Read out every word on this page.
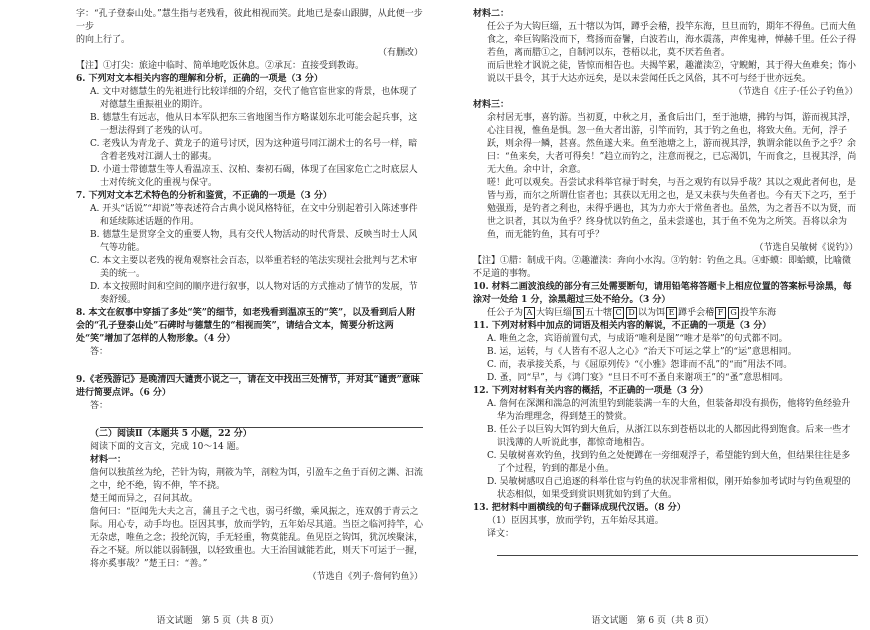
字：“孔子登泰山处。”慧生指与老残看，彼此相视而笑。此地已是泰山跟脚，从此便一步一步

的向上行了。

（有删改）

【注】①打尖：旅途中临时、简单地吃饭休息。②承瓦：直接受到教诲。

6. 下列对文本相关内容的理解和分析，正确的一项是（3 分）

A. 文中对德慧生的先祖进行比较详细的介绍，交代了他官宦世家的背景，也体现了对德慧生重振祖业的期许。

B. 德慧生有远志，他从日本军队把东三省地图当作方略谋划东北可能会起兵事，这一想法得到了老残的认可。

C. 老残认为青龙子、黄龙子的道号讨厌，因为这种道号同江湖术士的名号一样，暗含着老残对江湖人士的鄙夷。

D. 小道士带德慧生等人看温凉玉、汉柏、秦初石碣，体现了在国家危亡之时底层人士对传统文化的重视与保守。

7. 下列对文本艺术特色的分析和鉴赏，不正确的一项是（3 分）

A. 开头“话说”“却说”等表述符合古典小说风格特征，在文中分别起着引入陈述事件和延续陈述话题的作用。

B. 德慧生是贯穿全文的重要人物，具有交代人物活动的时代背景、反映当时士人风气等功能。

C. 本文主要以老残的视角观察社会百态，以举重若轻的笔法实现社会批判与艺术审美的统一。

D. 本文按照时间和空间的顺序进行叙事，以人物对话的方式推动了情节的发展，节奏舒缓。

8. 本文在叙事中穿插了多处“笑”的细节，如老残看到温凉玉的“笑”，以及看到后人附会的“孔子登泰山处”石碑时与德慧生的“相视而笑”，请结合文本，简要分析这两处“笑”增加了怎样的人物形象。（4 分）

答：

9.《老残游记》是晚清四大谴责小说之一，请在文中找出三处情节，并对其“谴责”意味进行简要点评。（6 分）

答：

（二）阅读Ⅱ（本题共 5 小题，22 分）

阅读下面的文言文，完成 10～14 题。

材料一：

詹何以独茧丝为纶，芒针为钩，荆筱为竿，剖粒为饵，引盈车之鱼于百仞之渊、汩流之中，纶不绝，钩不伸，竿不挠。

楚王闻而异之，召问其故。

詹何曰：“臣闻先大夫之言，蒲且子之弋也，弱弓纤缴，乘风振之，连双鸧于青云之际。用心专，动手均也。臣因其事，放而学钓，五年始尽其道。当臣之临河持竿，心无杂虑，唯鱼之念；投纶沉钩，手无轻重，物莫能乱。鱼见臣之钩饵，犹沉埃聚沫，吞之不疑。所以能以弱制强，以轻致重也。大王治国诚能若此，则天下可运于一握，将亦奚事哉？”楚王曰：“善。”

（节选自《列子·詹何钓鱼》）

语文试题　第 5 页（共 8 页）

材料二：

任公子为大钩巨缁，五十犗以为饵，蹲乎会稽，投竿东海，旦旦而钓，期年不得鱼。已而大鱼食之，牵巨钩陷没而下，骛扬而奋鬐，白波若山，海水震荡，声侔鬼神，惮赫千里。任公子得若鱼，离而腊①之，自制河以东，苍梧以北，莫不厌若鱼者。

而后世辁才讽说之徒，皆惊而相告也。夫揭竿累，趣灌渎②，守鲵鲋，其于得大鱼难矣；饰小说以干县令，其于大达亦远矣，是以未尝闻任氏之风俗，其不可与经于世亦远矣。

（节选自《庄子·任公子钓鱼》）

材料三：

余村居无事，喜钓游。当初夏，中秋之月，蚤食后出门，至于池塘，拂钓与饵，游而视其浮，心注目视，惟鱼是惧。忽一鱼大者出游，引竿而钓，其于钓之鱼也，将致大鱼。无何，浮子跃，则余得一鳞，甚喜。然鱼遂大来。鱼至池塘之上，游而视其浮，孰谓余能以鱼予之乎？余曰：“鱼来矣，大者可得矣！”趋立而钓之，注意而视之，已忘渴饥，午而食之，旦视其浮，尚无大鱼。余中计，余意。

嗟！此可以观矣。吾尝试求科举官禄于时矣，与吾之观钓有以异乎哉？其以之观此者何也，是皆与焉，而尔之所谓仕宦者也；其获以无用之也，是又未获与失鱼者也。今有天下之巧，至于勉强焉，是钓者之利也，未得乎遇也，其为力亦大于常鱼者也。虽然，为之者吾不以为贤，而世之识者，其以为鱼乎？终身忧以钓鱼之，虽未尝遂也，其于鱼不免为之所笑。吾将以余为鱼，而无能钓鱼，其有可乎？

（节选自吴敏树《说钓》）

【注】①腊：制成干肉。②趣灌渎：奔向小水沟。③钓射：钓鱼之具。④虾蟆：即蛤蟆，比喻微不足道的事物。

10. 材料二画波浪线的部分有三处需要断句，请用铅笔将答题卡上相应位置的答案标号涂黑，每涂对一处给 1 分，涂黑超过三处不给分。（3 分）

任公子为 A 大钩巨缁 B 五十犗 C D 以为饵 E 蹲乎会稽 F G 投竿东海

11. 下列对材料中加点的词语及相关内容的解说，不正确的一项是（3 分）

A. 唯鱼之念，宾语前置句式，与成语“唯利是图”“唯才是举”的句式都不同。

B. 运，运转，与《人皆有不忍人之心》“治天下可运之掌上”的“运”意思相同。

C. 而，表承接关系，与《屈原列传》“《小雅》怨诽而不乱”的“而”用法不同。

D. 蚤，同“早”，与《鸿门宴》“旦日不可不蚤自来谢项王”的“蚤”意思相同。

12. 下列对材料有关内容的概括，不正确的一项是（3 分）

A. 詹何在深渊和湍急的河流里钓到能装满一车的大鱼，但装备却没有损伤，他将钓鱼经验升华为治理理念，得到楚王的赞赏。

B. 任公子以巨钩大饵钓到大鱼后，从浙江以东到苍梧以北的人都因此得到饱食。后来一些才识浅薄的人听说此事，都惊奇地相告。

C. 吴敏树喜欢钓鱼，找到钓鱼之处便蹲在一旁细观浮子，希望能钓到大鱼，但结果往往是多了个过程，钓到的都是小鱼。

D. 吴敏树感叹自己追逐的科举仕宦与钓鱼的状况非常相似，刚开始参加考试时与钓鱼观望的状态相似，如果受到赏识则犹如钓到了大鱼。

13. 把材料中画横线的句子翻译成现代汉语。（8 分）

（1）臣因其事，放而学钓，五年始尽其道。

译文：

语文试题　第 6 页（共 8 页）
